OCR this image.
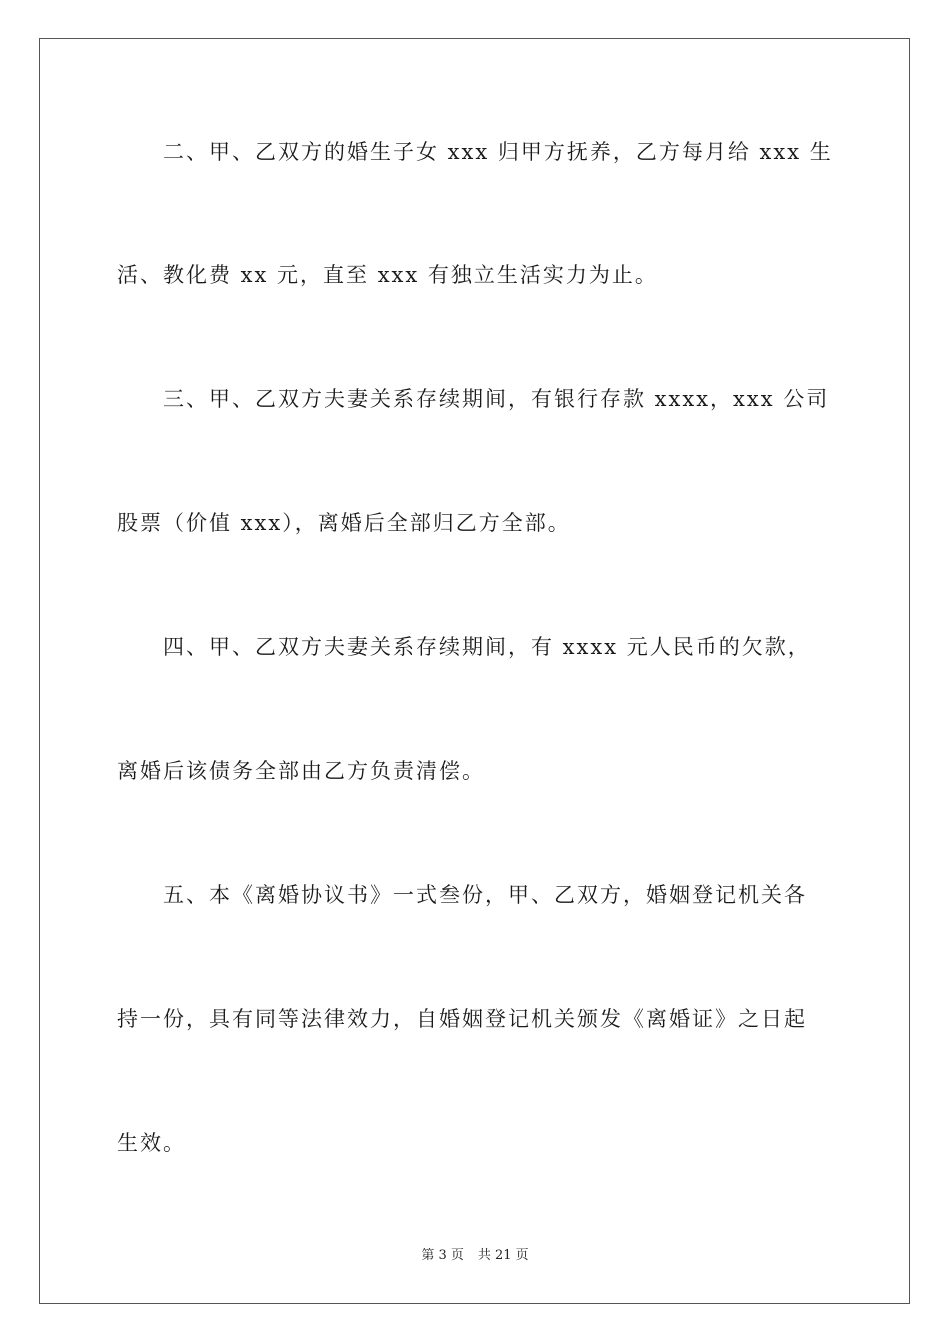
二、甲、乙双方的婚生子女 xxx 归甲方抚养，乙方每月给 xxx 生
活、教化费 xx 元，直至 xxx 有独立生活实力为止。
三、甲、乙双方夫妻关系存续期间，有银行存款 xxxx，xxx 公司
股票（价值 xxx），离婚后全部归乙方全部。
四、甲、乙双方夫妻关系存续期间，有 xxxx 元人民币的欠款，
离婚后该债务全部由乙方负责清偿。
五、本《离婚协议书》一式叁份，甲、乙双方，婚姻登记机关各
持一份，具有同等法律效力，自婚姻登记机关颁发《离婚证》之日起
生效。
第 3 页 共 21 页
